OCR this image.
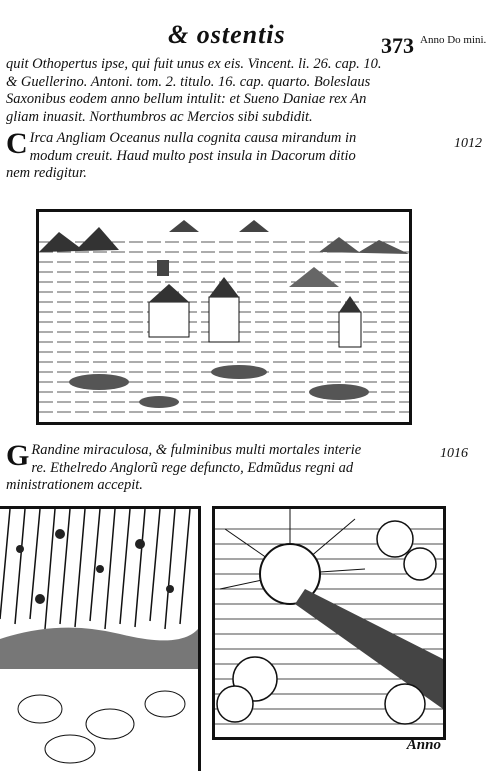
& ostentis	373 Anno Do mini.
quit Othopertus ipse, qui fuit unus ex eis. Vincent. li. 26. cap. 10.
& Guellerino. Antoni. tom. 2. titulo. 16. cap. quarto. Boleslaus
Saxonibus eodem anno bellum intulit: et Sueno Daniae rex An
gliam inuasit. Northumbros ac Mercios sibi subdidit.
C Irca Angliam Oceanus nulla cognita causa mirandum in
modum creuit. Haud multo post insula in Dacorum ditio
nem redigitur.
1012
G Randine miraculosa, & fulminibus multi mortales interie
re. Ethelredo Anglorũ rege defuncto, Edmũdus regni ad
ministrationem accepit.
1016
Anno
